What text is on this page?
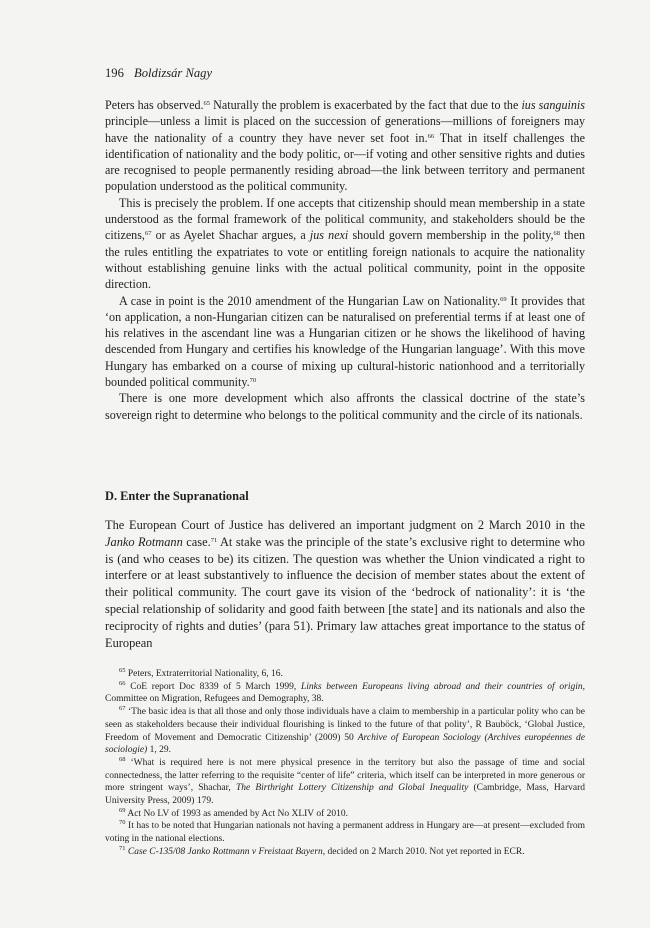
196 Boldizsár Nagy

Peters has observed.$^{65}$ Naturally the problem is exacerbated by the fact that due to the ius sanguinis principle—unless a limit is placed on the succession of generations—millions of foreigners may have the nationality of a country they have never set foot in.$^{66}$ That in itself challenges the identification of nationality and the body politic, or—if voting and other sensitive rights and duties are recognised to people permanently residing abroad—the link between territory and permanent population understood as the political community.

This is precisely the problem. If one accepts that citizenship should mean membership in a state understood as the formal framework of the political community, and stakeholders should be the citizens,$^{67}$ or as Ayelet Shachar argues, a jus nexi should govern membership in the polity,$^{68}$ then the rules entitling the expatriates to vote or entitling foreign nationals to acquire the nationality without establishing genuine links with the actual political community, point in the opposite direction.

A case in point is the 2010 amendment of the Hungarian Law on Nationality.$^{69}$ It provides that ‘on application, a non-Hungarian citizen can be naturalised on preferential terms if at least one of his relatives in the ascendant line was a Hungarian citizen or he shows the likelihood of having descended from Hungary and certifies his knowledge of the Hungarian language’. With this move Hungary has embarked on a course of mixing up cultural-historic nationhood and a territorially bounded political community.$^{70}$

There is one more development which also affronts the classical doctrine of the state’s sovereign right to determine who belongs to the political community and the circle of its nationals.

D. Enter the Supranational

The European Court of Justice has delivered an important judgment on 2 March 2010 in the Janko Rotmann case.$^{71}$ At stake was the principle of the state’s exclusive right to determine who is (and who ceases to be) its citizen. The question was whether the Union vindicated a right to interfere or at least substantively to influence the decision of member states about the extent of their political community. The court gave its vision of the ‘bedrock of nationality’: it is ‘the special relationship of solidarity and good faith between [the state] and its nationals and also the reciprocity of rights and duties’ (para 51). Primary law attaches great importance to the status of European

$^{65}$ Peters, Extraterritorial Nationality, 6, 16.

$^{66}$ CoE report Doc 8339 of 5 March 1999, Links between Europeans living abroad and their countries of origin, Committee on Migration, Refugees and Demography, 38.

$^{67}$ ‘The basic idea is that all those and only those individuals have a claim to membership in a particular polity who can be seen as stakeholders because their individual flourishing is linked to the future of that polity’, R Bauböck, ‘Global Justice, Freedom of Movement and Democratic Citizenship’ (2009) 50 Archive of European Sociology (Archives européennes de sociologie) 1, 29.

$^{68}$ ‘What is required here is not mere physical presence in the territory but also the passage of time and social connectedness, the latter referring to the requisite “center of life” criteria, which itself can be interpreted in more generous or more stringent ways’, Shachar, The Birthright Lottery Citizenship and Global Inequality (Cambridge, Mass, Harvard University Press, 2009) 179.

$^{69}$ Act No LV of 1993 as amended by Act No XLIV of 2010.

$^{70}$ It has to be noted that Hungarian nationals not having a permanent address in Hungary are—at present—excluded from voting in the national elections.

$^{71}$ Case C-135/08 Janko Rottmann v Freistaat Bayern, decided on 2 March 2010. Not yet reported in ECR.
